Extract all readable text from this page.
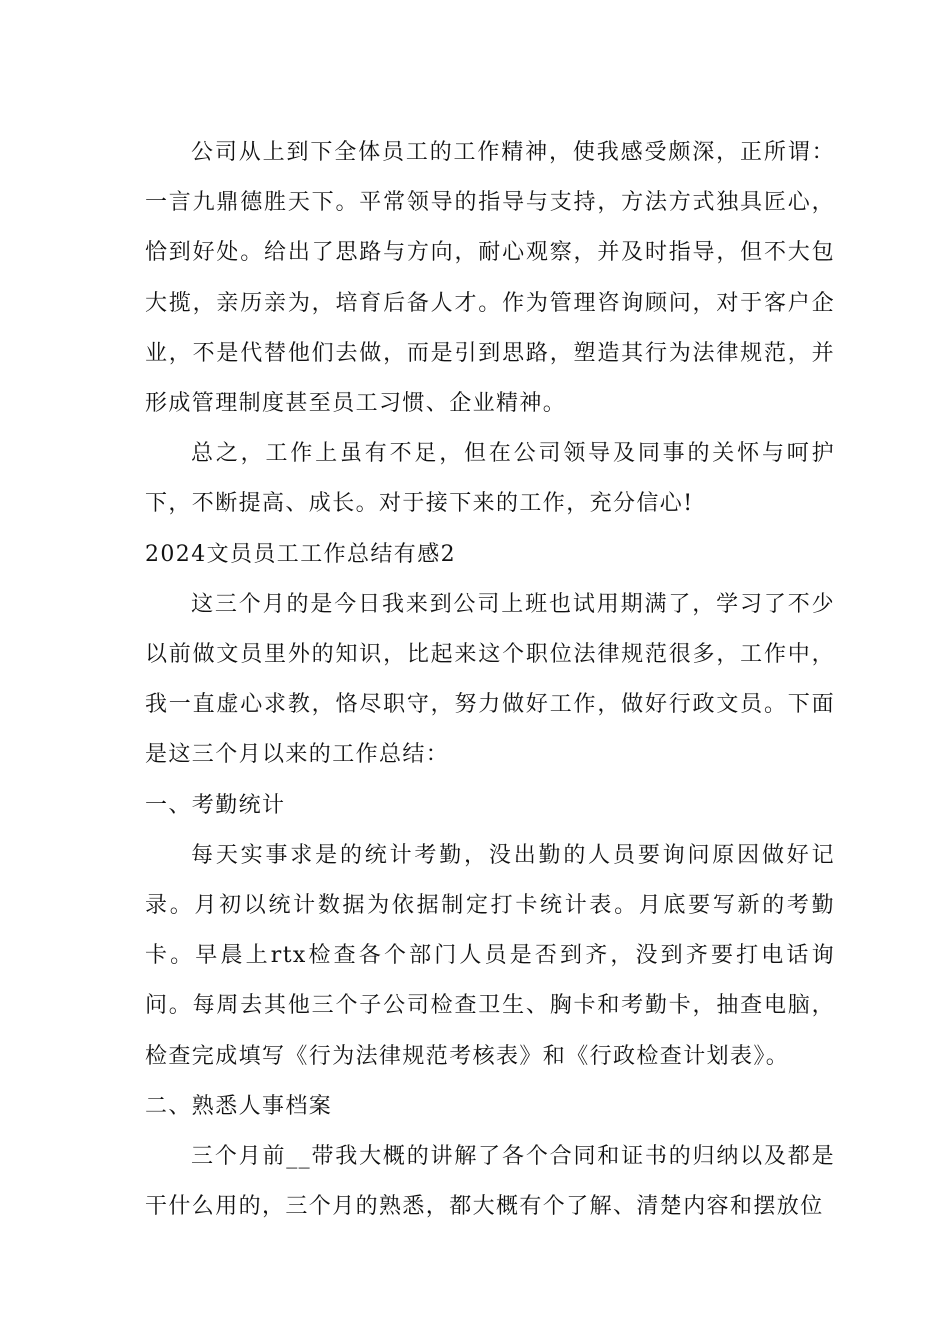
公司从上到下全体员工的工作精神，使我感受颇深，正所谓：一言九鼎德胜天下。平常领导的指导与支持，方法方式独具匠心，恰到好处。给出了思路与方向，耐心观察，并及时指导，但不大包大揽，亲历亲为，培育后备人才。作为管理咨询顾问，对于客户企业，不是代替他们去做，而是引到思路，塑造其行为法律规范，并形成管理制度甚至员工习惯、企业精神。

总之，工作上虽有不足，但在公司领导及同事的关怀与呵护下，不断提高、成长。对于接下来的工作，充分信心!

2024文员员工工作总结有感2

这三个月的是今日我来到公司上班也试用期满了，学习了不少以前做文员里外的知识，比起来这个职位法律规范很多，工作中，我一直虚心求教，恪尽职守，努力做好工作，做好行政文员。下面是这三个月以来的工作总结：

一、考勤统计

每天实事求是的统计考勤，没出勤的人员要询问原因做好记录。月初以统计数据为依据制定打卡统计表。月底要写新的考勤卡。早晨上rtx检查各个部门人员是否到齐，没到齐要打电话询问。每周去其他三个子公司检查卫生、胸卡和考勤卡，抽查电脑，检查完成填写《行为法律规范考核表》和《行政检查计划表》。

二、熟悉人事档案

三个月前__带我大概的讲解了各个合同和证书的归纳以及都是干什么用的，三个月的熟悉，都大概有个了解、清楚内容和摆放位
